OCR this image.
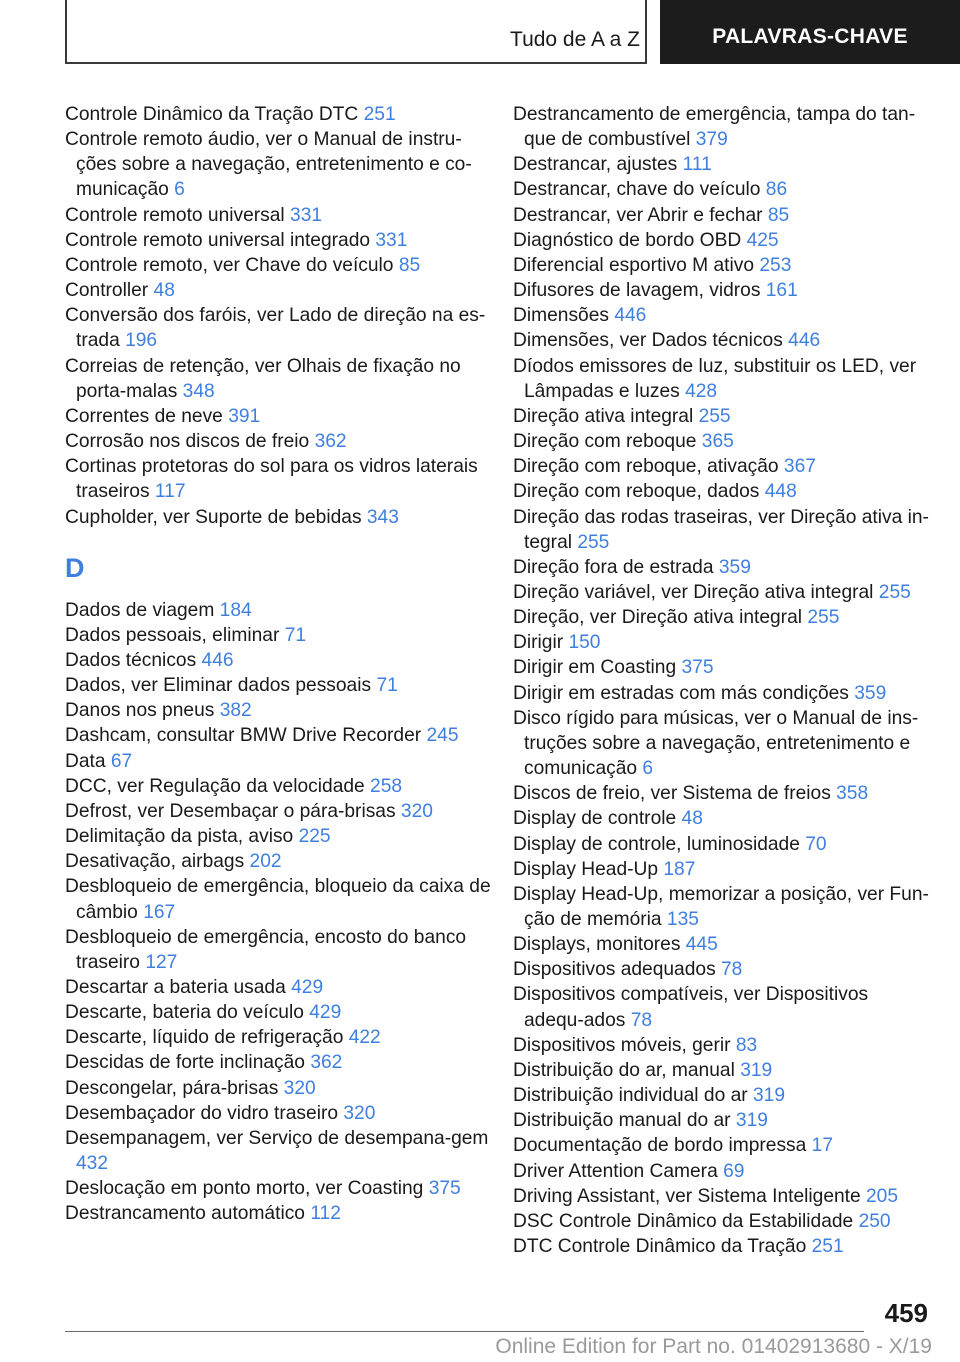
Tudo de A a Z	PALAVRAS-CHAVE
Controle Dinâmico da Tração DTC 251
Controle remoto áudio, ver o Manual de instru-ções sobre a navegação, entretenimento e co-municação 6
Controle remoto universal 331
Controle remoto universal integrado 331
Controle remoto, ver Chave do veículo 85
Controller 48
Conversão dos faróis, ver Lado de direção na es-trada 196
Correias de retenção, ver Olhais de fixação no porta-malas 348
Correntes de neve 391
Corrosão nos discos de freio 362
Cortinas protetoras do sol para os vidros laterais traseiros 117
Cupholder, ver Suporte de bebidas 343
D
Dados de viagem 184
Dados pessoais, eliminar 71
Dados técnicos 446
Dados, ver Eliminar dados pessoais 71
Danos nos pneus 382
Dashcam, consultar BMW Drive Recorder 245
Data 67
DCC, ver Regulação da velocidade 258
Defrost, ver Desembaçar o pára-brisas 320
Delimitação da pista, aviso 225
Desativação, airbags 202
Desbloqueio de emergência, bloqueio da caixa de câmbio 167
Desbloqueio de emergência, encosto do banco traseiro 127
Descartar a bateria usada 429
Descarte, bateria do veículo 429
Descarte, líquido de refrigeração 422
Descidas de forte inclinação 362
Descongelar, pára-brisas 320
Desembaçador do vidro traseiro 320
Desempanagem, ver Serviço de desempana-gem 432
Deslocação em ponto morto, ver Coasting 375
Destrancamento automático 112
Destrancamento de emergência, tampa do tan-que de combustível 379
Destrancar, ajustes 111
Destrancar, chave do veículo 86
Destrancar, ver Abrir e fechar 85
Diagnóstico de bordo OBD 425
Diferencial esportivo M ativo 253
Difusores de lavagem, vidros 161
Dimensões 446
Dimensões, ver Dados técnicos 446
Díodos emissores de luz, substituir os LED, ver Lâmpadas e luzes 428
Direção ativa integral 255
Direção com reboque 365
Direção com reboque, ativação 367
Direção com reboque, dados 448
Direção das rodas traseiras, ver Direção ativa in-tegral 255
Direção fora de estrada 359
Direção variável, ver Direção ativa integral 255
Direção, ver Direção ativa integral 255
Dirigir 150
Dirigir em Coasting 375
Dirigir em estradas com más condições 359
Disco rígido para músicas, ver o Manual de ins-truções sobre a navegação, entretenimento e comunicação 6
Discos de freio, ver Sistema de freios 358
Display de controle 48
Display de controle, luminosidade 70
Display Head-Up 187
Display Head-Up, memorizar a posição, ver Fun-ção de memória 135
Displays, monitores 445
Dispositivos adequados 78
Dispositivos compatíveis, ver Dispositivos adequ-ados 78
Dispositivos móveis, gerir 83
Distribuição do ar, manual 319
Distribuição individual do ar 319
Distribuição manual do ar 319
Documentação de bordo impressa 17
Driver Attention Camera 69
Driving Assistant, ver Sistema Inteligente 205
DSC Controle Dinâmico da Estabilidade 250
DTC Controle Dinâmico da Tração 251
459
Online Edition for Part no. 01402913680 - X/19
